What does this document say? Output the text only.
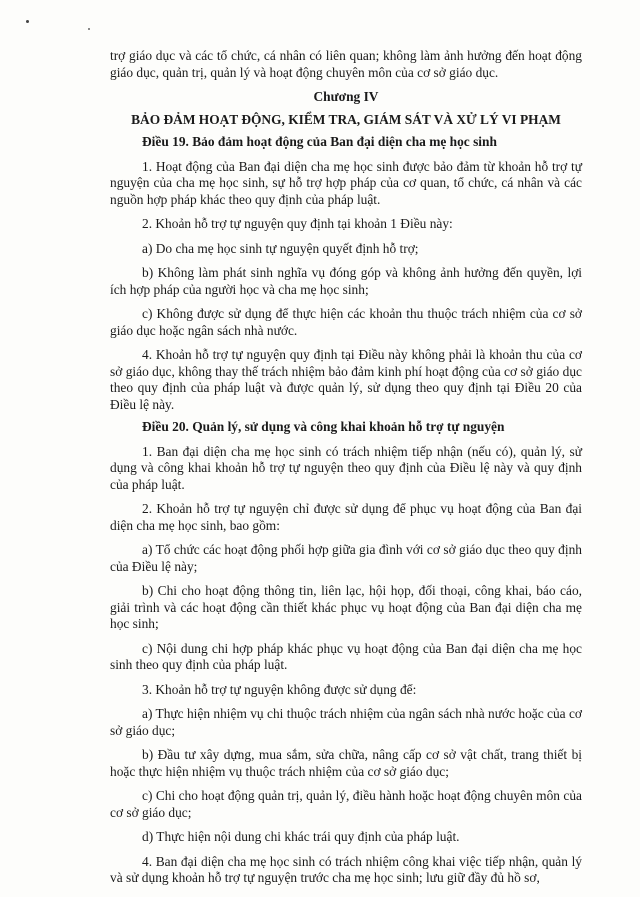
trợ giáo dục và các tổ chức, cá nhân có liên quan; không làm ảnh hưởng đến hoạt động giáo dục, quản trị, quản lý và hoạt động chuyên môn của cơ sở giáo dục.

Chương IV

BẢO ĐẢM HOẠT ĐỘNG, KIỂM TRA, GIÁM SÁT VÀ XỬ LÝ VI PHẠM

Điều 19. Bảo đảm hoạt động của Ban đại diện cha mẹ học sinh

1. Hoạt động của Ban đại diện cha mẹ học sinh được bảo đảm từ khoản hỗ trợ tự nguyện của cha mẹ học sinh, sự hỗ trợ hợp pháp của cơ quan, tổ chức, cá nhân và các nguồn hợp pháp khác theo quy định của pháp luật.

2. Khoản hỗ trợ tự nguyện quy định tại khoản 1 Điều này:

a) Do cha mẹ học sinh tự nguyện quyết định hỗ trợ;

b) Không làm phát sinh nghĩa vụ đóng góp và không ảnh hưởng đến quyền, lợi ích hợp pháp của người học và cha mẹ học sinh;

c) Không được sử dụng để thực hiện các khoản thu thuộc trách nhiệm của cơ sở giáo dục hoặc ngân sách nhà nước.

4. Khoản hỗ trợ tự nguyện quy định tại Điều này không phải là khoản thu của cơ sở giáo dục, không thay thế trách nhiệm bảo đảm kinh phí hoạt động của cơ sở giáo dục theo quy định của pháp luật và được quản lý, sử dụng theo quy định tại Điều 20 của Điều lệ này.

Điều 20. Quản lý, sử dụng và công khai khoản hỗ trợ tự nguyện

1. Ban đại diện cha mẹ học sinh có trách nhiệm tiếp nhận (nếu có), quản lý, sử dụng và công khai khoản hỗ trợ tự nguyện theo quy định của Điều lệ này và quy định của pháp luật.

2. Khoản hỗ trợ tự nguyện chỉ được sử dụng để phục vụ hoạt động của Ban đại diện cha mẹ học sinh, bao gồm:

a) Tổ chức các hoạt động phối hợp giữa gia đình với cơ sở giáo dục theo quy định của Điều lệ này;

b) Chi cho hoạt động thông tin, liên lạc, hội họp, đối thoại, công khai, báo cáo, giải trình và các hoạt động cần thiết khác phục vụ hoạt động của Ban đại diện cha mẹ học sinh;

c) Nội dung chi hợp pháp khác phục vụ hoạt động của Ban đại diện cha mẹ học sinh theo quy định của pháp luật.

3. Khoản hỗ trợ tự nguyện không được sử dụng để:

a) Thực hiện nhiệm vụ chi thuộc trách nhiệm của ngân sách nhà nước hoặc của cơ sở giáo dục;

b) Đầu tư xây dựng, mua sắm, sửa chữa, nâng cấp cơ sở vật chất, trang thiết bị hoặc thực hiện nhiệm vụ thuộc trách nhiệm của cơ sở giáo dục;

c) Chi cho hoạt động quản trị, quản lý, điều hành hoặc hoạt động chuyên môn của cơ sở giáo dục;

d) Thực hiện nội dung chi khác trái quy định của pháp luật.

4. Ban đại diện cha mẹ học sinh có trách nhiệm công khai việc tiếp nhận, quản lý và sử dụng khoản hỗ trợ tự nguyện trước cha mẹ học sinh; lưu giữ đầy đủ hồ sơ,
